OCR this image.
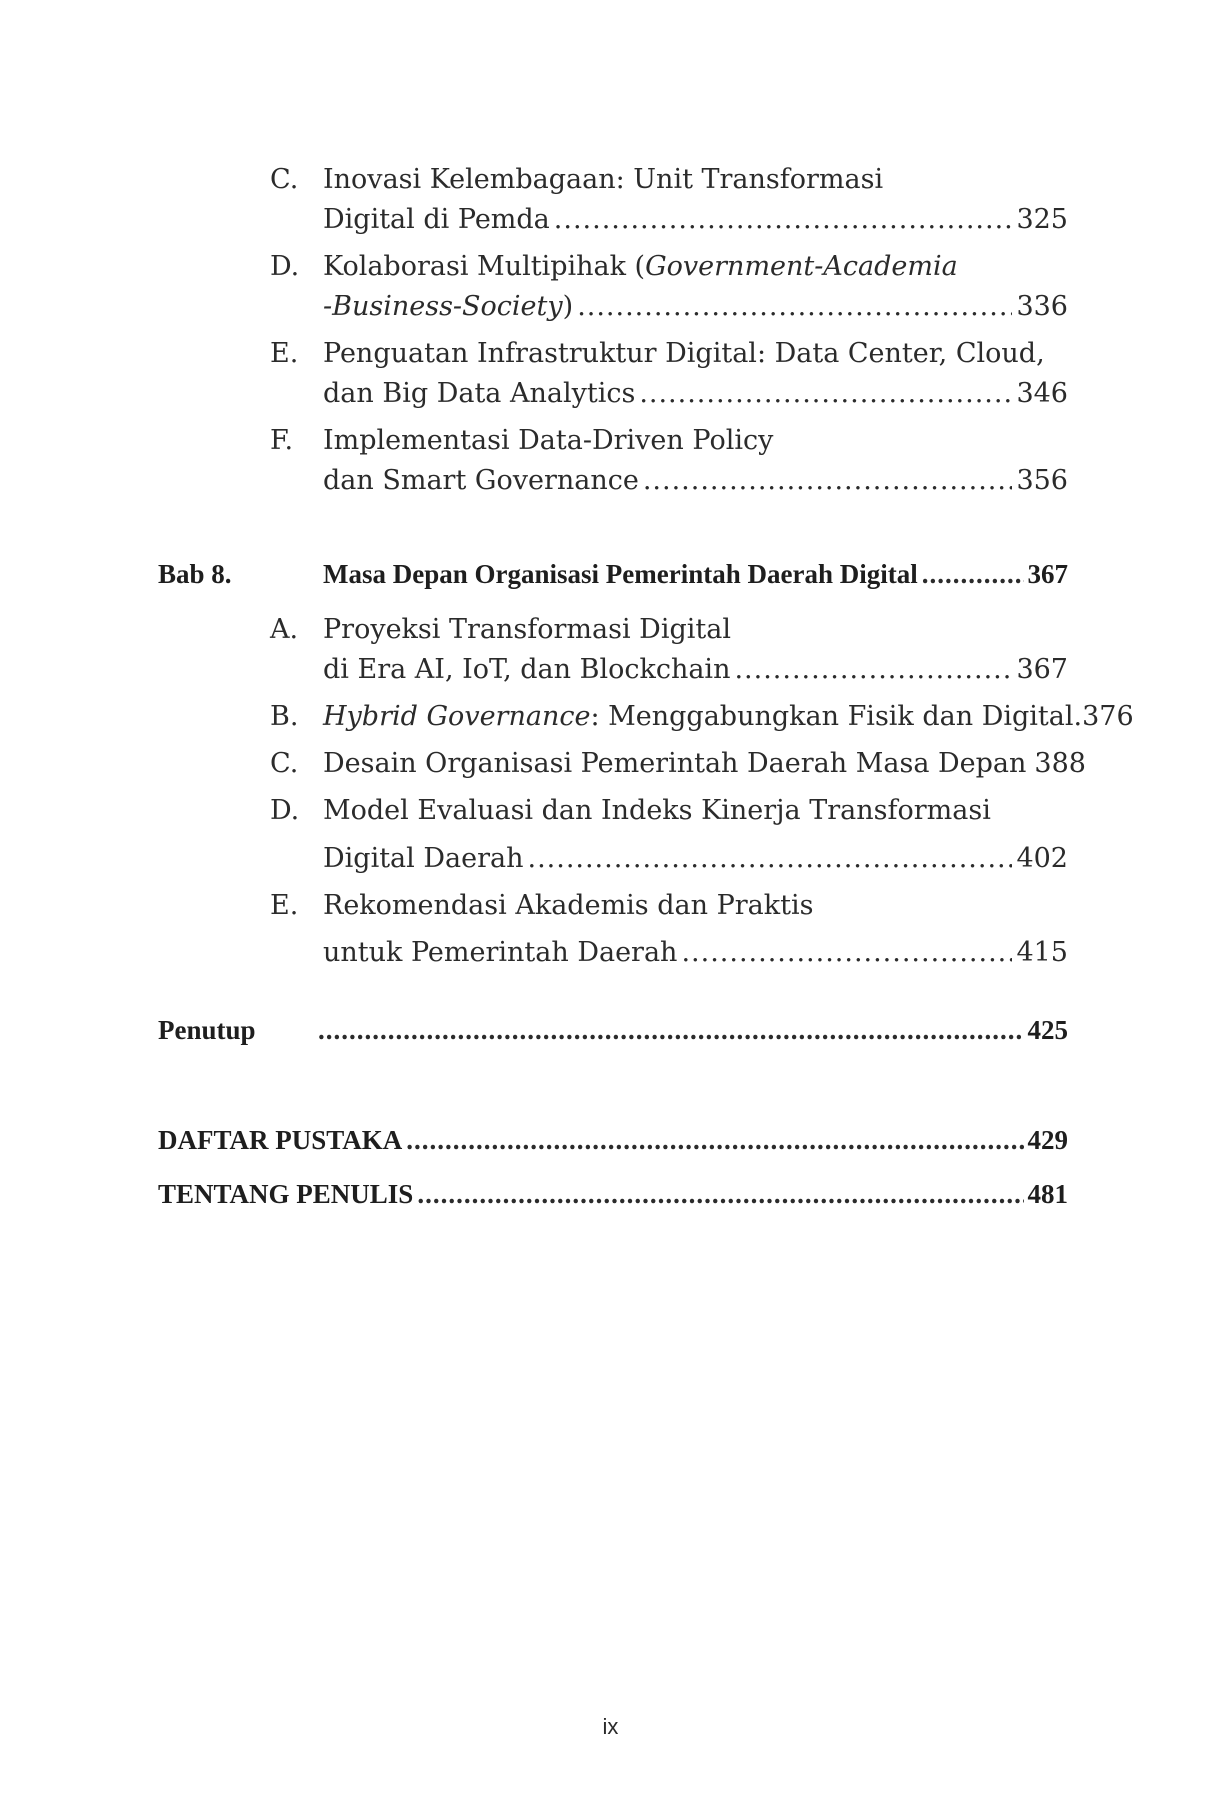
C. Inovasi Kelembagaan: Unit Transformasi
Digital di Pemda .....	325
D. Kolaborasi Multipihak (Government-Academia
-Business-Society) .....	336
E. Penguatan Infrastruktur Digital: Data Center, Cloud,
dan Big Data Analytics .....	346
F.	Implementasi Data-Driven Policy
dan Smart Governance .....	356
Bab 8.	Masa Depan Organisasi Pemerintah Daerah Digital .....	367
A. Proyeksi Transformasi Digital
di Era AI, IoT, dan Blockchain .....	367
B. Hybrid Governance: Menggabungkan Fisik dan Digital. 376
C. Desain Organisasi Pemerintah Daerah Masa Depan 388
D. Model Evaluasi dan Indeks Kinerja Transformasi
Digital Daerah .....	402
E. Rekomendasi Akademis dan Praktis
untuk Pemerintah Daerah .....	415
Penutup .....	425
DAFTAR PUSTAKA .....	429
TENTANG PENULIS .....	481
ix
